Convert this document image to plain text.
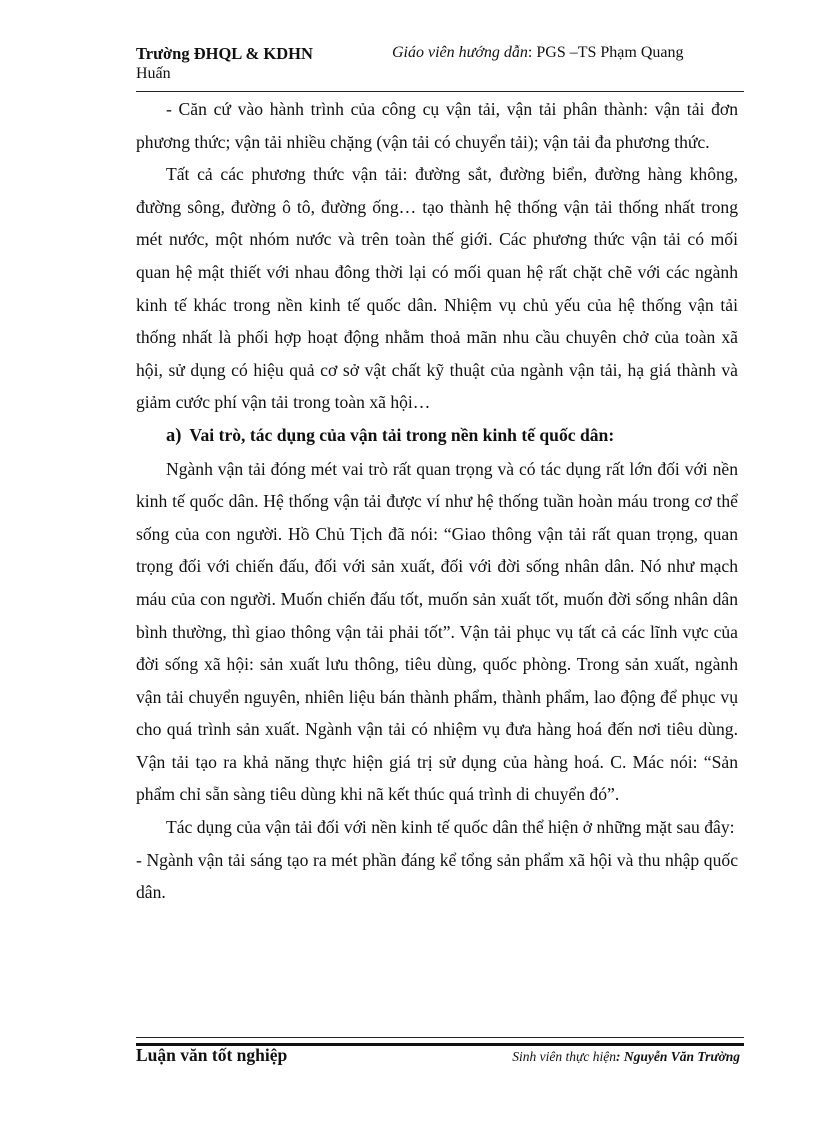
Trường ĐHQL & KDHN	Giáo viên hướng dẫn: PGS –TS Phạm Quang
Huấn

- Căn cứ vào hành trình của công cụ vận tải, vận tải phân thành: vận tải đơn phương thức; vận tải nhiều chặng (vận tải có chuyển tải); vận tải đa phương thức.

Tất cả các phương thức vận tải: đường sắt, đường biển, đường hàng không, đường sông, đường ô tô, đường ống… tạo thành hệ thống vận tải thống nhất trong mét nước, một nhóm nước và trên toàn thế giới. Các phương thức vận tải có mối quan hệ mật thiết với nhau đông thời lại có mối quan hệ rất chặt chẽ với các ngành kinh tế khác trong nền kinh tế quốc dân. Nhiệm vụ chủ yếu của hệ thống vận tải thống nhất là phối hợp hoạt động nhằm thoả mãn nhu cầu chuyên chở của toàn xã hội, sử dụng có hiệu quả cơ sở vật chất kỹ thuật của ngành vận tải, hạ giá thành và giảm cước phí vận tải trong toàn xã hội…

a) Vai trò, tác dụng của vận tải trong nền kinh tế quốc dân:

Ngành vận tải đóng mét vai trò rất quan trọng và có tác dụng rất lớn đối với nền kinh tế quốc dân. Hệ thống vận tải được ví như hệ thống tuần hoàn máu trong cơ thể sống của con người. Hồ Chủ Tịch đã nói: “Giao thông vận tải rất quan trọng, quan trọng đối với chiến đấu, đối với sản xuất, đối với đời sống nhân dân. Nó như mạch máu của con người. Muốn chiến đấu tốt, muốn sản xuất tốt, muốn đời sống nhân dân bình thường, thì giao thông vận tải phải tốt”. Vận tải phục vụ tất cả các lĩnh vực của đời sống xã hội: sản xuất lưu thông, tiêu dùng, quốc phòng. Trong sản xuất, ngành vận tải chuyển nguyên, nhiên liệu bán thành phẩm, thành phẩm, lao động để phục vụ cho quá trình sản xuất. Ngành vận tải có nhiệm vụ đưa hàng hoá đến nơi tiêu dùng. Vận tải tạo ra khả năng thực hiện giá trị sử dụng của hàng hoá. C. Mác nói: “Sản phẩm chỉ sẵn sàng tiêu dùng khi nã kết thúc quá trình di chuyển đó”.

Tác dụng của vận tải đối với nền kinh tế quốc dân thể hiện ở những mặt sau đây:

- Ngành vận tải sáng tạo ra mét phần đáng kể tổng sản phẩm xã hội và thu nhập quốc dân.

Luận văn tốt nghiệp	Sinh viên thực hiện: Nguyễn Văn Trường
